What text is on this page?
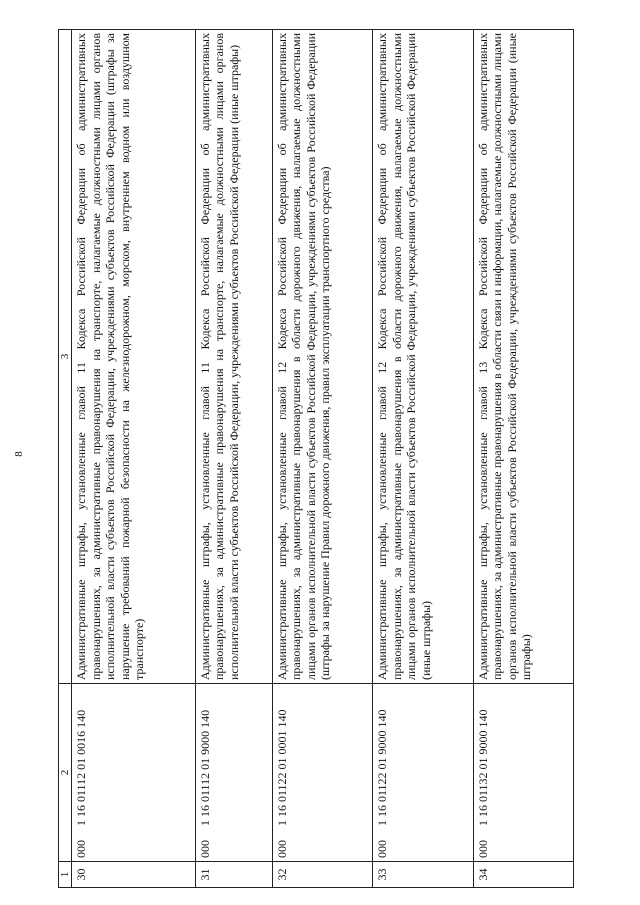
8
1	2	3
30	0001 16 01112 01 0016 140	Административные штрафы, установленные главой 11 Кодекса Российской Федерации об административных правонарушениях, за административные правонарушения на транспорте, налагаемые должностными лицами органов исполнительной власти субъектов Российской Федерации, учреждениями субъектов Российской Федерации (штрафы за нарушение требований пожарной безопасности на железнодорожном, морском, внутреннем водном или воздушном транспорте)
31	0001 16 01112 01 9000 140	Административные штрафы, установленные главой 11 Кодекса Российской Федерации об административных правонарушениях, за административные правонарушения на транспорте, налагаемые должностными лицами органов исполнительной власти субъектов Российской Федерации, учреждениями субъектов Российской Федерации (иные штрафы)
32	0001 16 01122 01 0001 140	Административные штрафы, установленные главой 12 Кодекса Российской Федерации об административных правонарушениях, за административные правонарушения в области дорожного движения, налагаемые должностными лицами органов исполнительной власти субъектов Российской Федерации, учреждениями субъектов Российской Федерации (штрафы за нарушение Правил дорожного движения, правил эксплуатации транспортного средства)
33	0001 16 01122 01 9000 140	Административные штрафы, установленные главой 12 Кодекса Российской Федерации об административных правонарушениях, за административные правонарушения в области дорожного движения, налагаемые должностными лицами органов исполнительной власти субъектов Российской Федерации, учреждениями субъектов Российской Федерации (иные штрафы)
34	0001 16 01132 01 9000 140	Административные штрафы, установленные главой 13 Кодекса Российской Федерации об административных правонарушениях, за административные правонарушения в области связи и информации, налагаемые должностными лицами органов исполнительной власти субъектов Российской Федерации, учреждениями субъектов Российской Федерации (иные штрафы)
